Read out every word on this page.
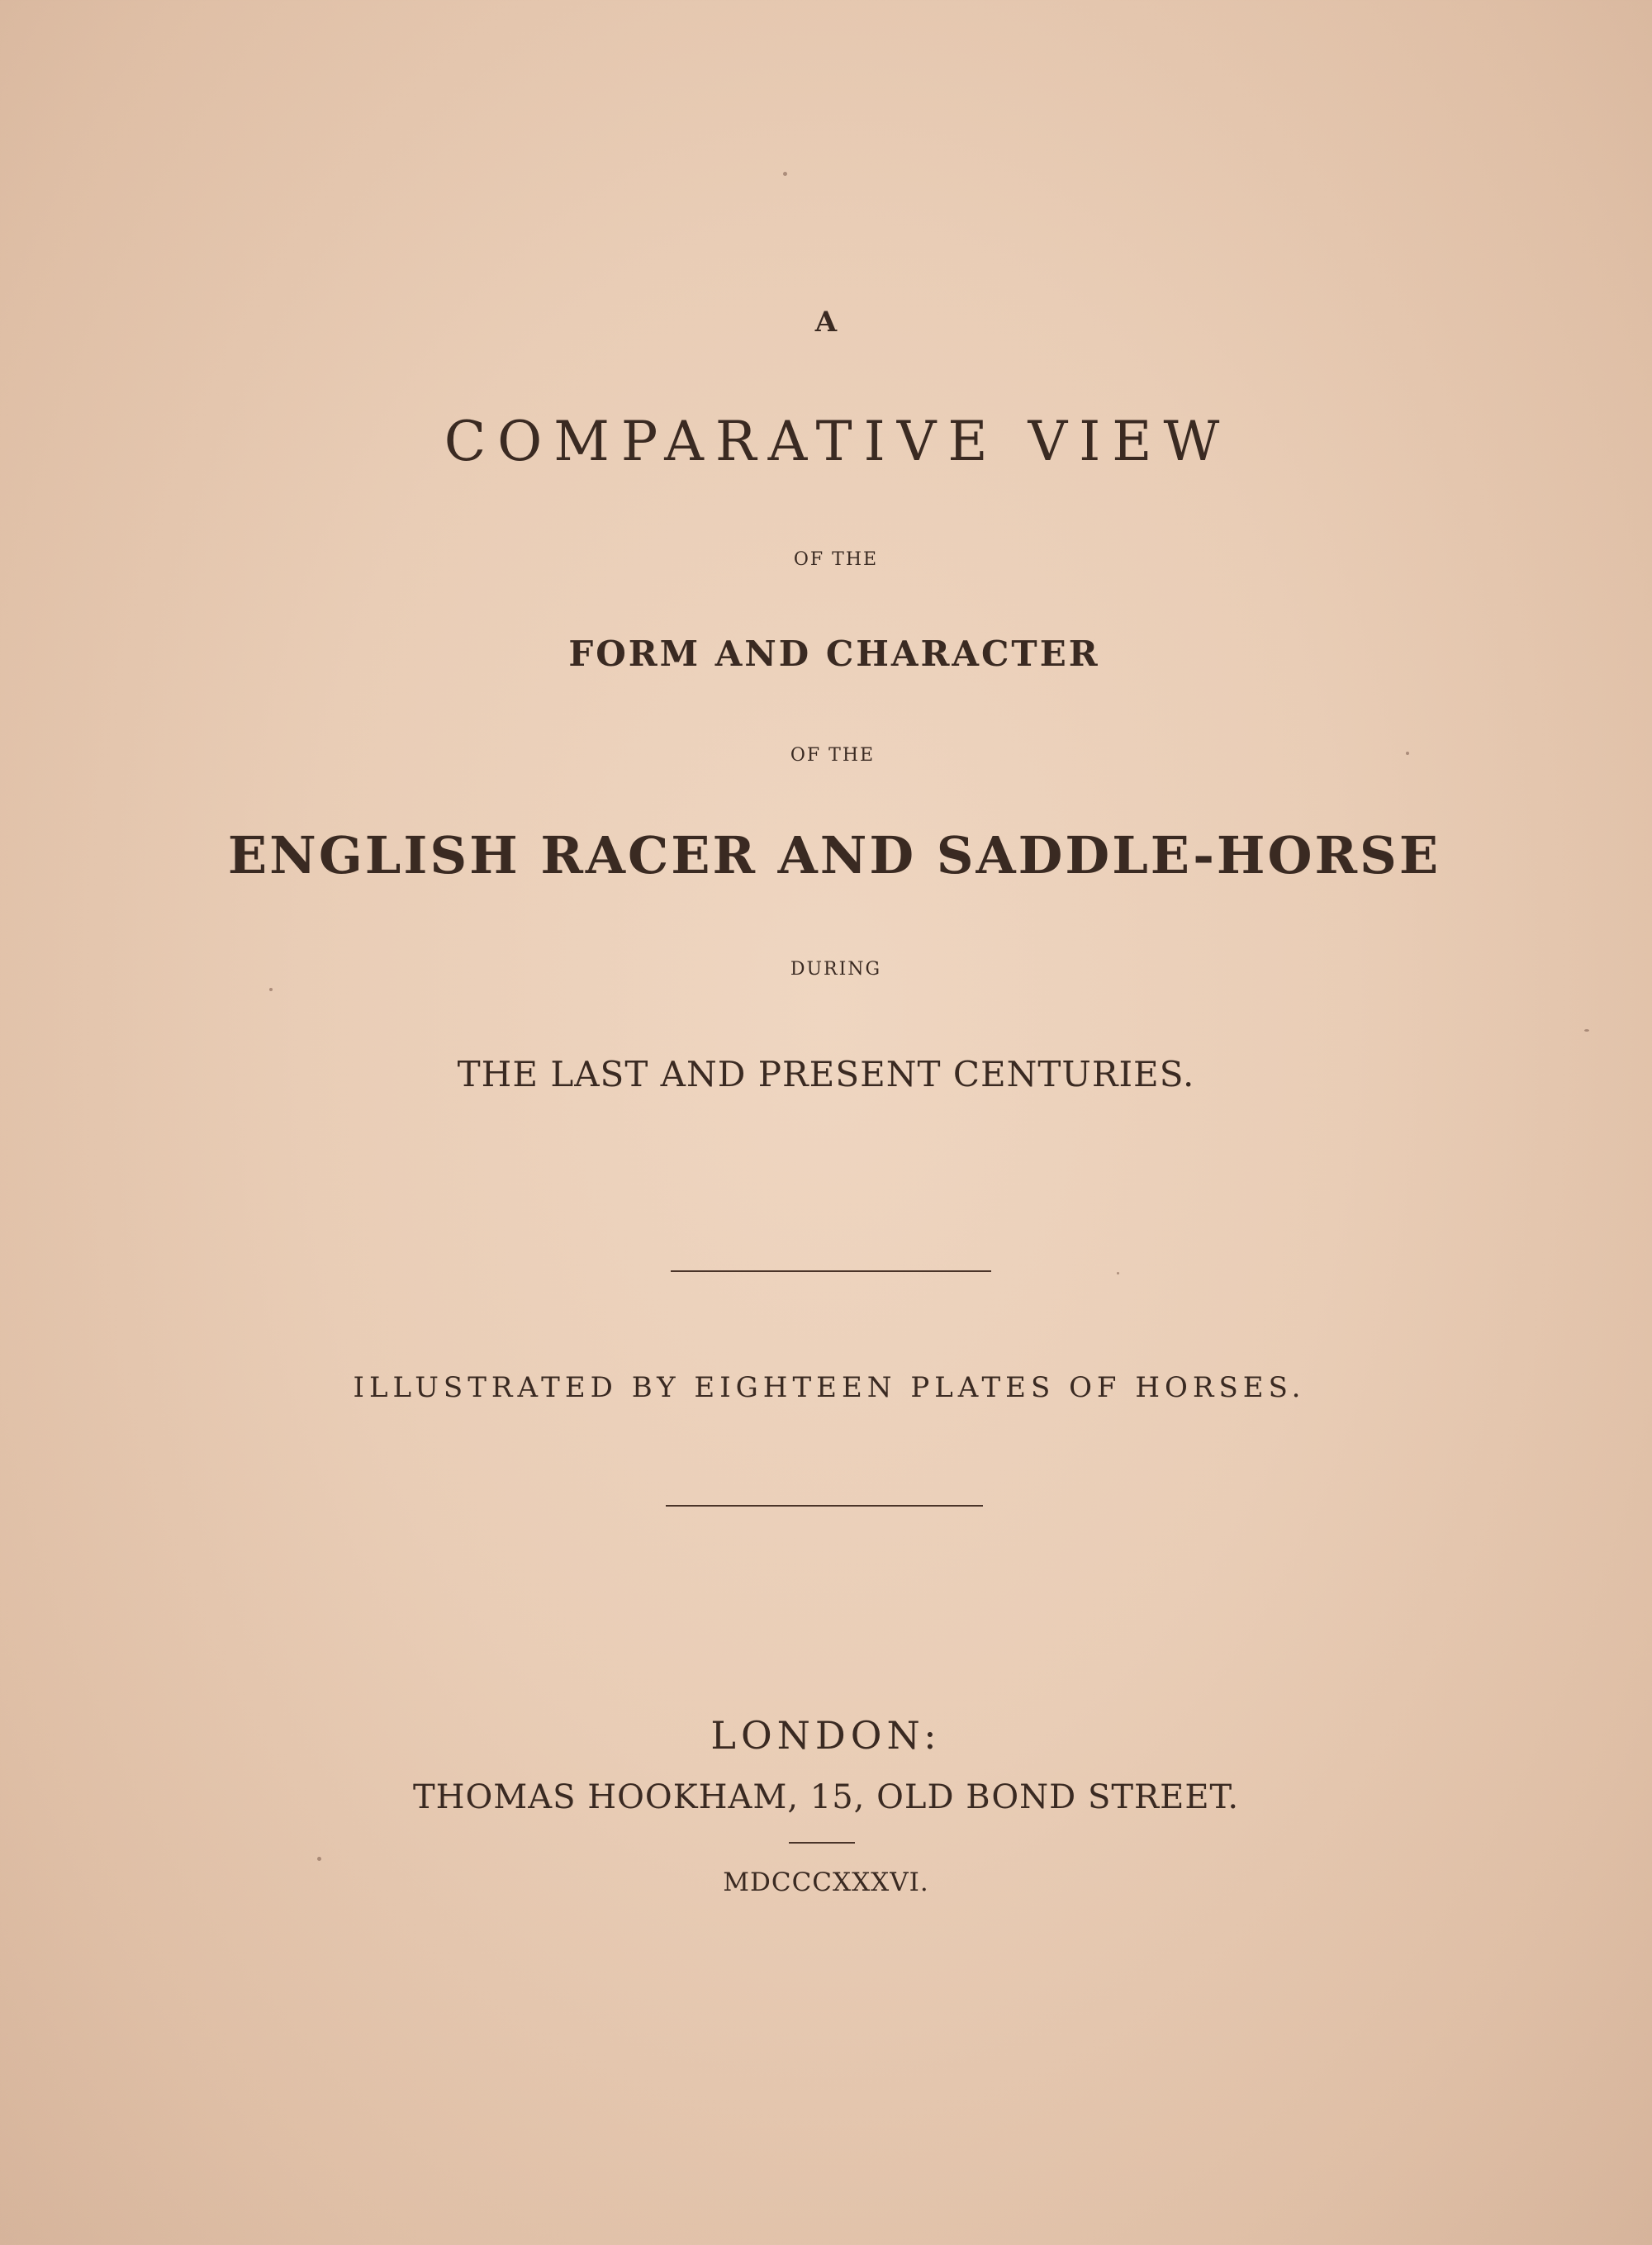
A
COMPARATIVE VIEW
OF THE
FORM AND CHARACTER
OF THE
ENGLISH RACER AND SADDLE-HORSE
DURING
THE LAST AND PRESENT CENTURIES.
ILLUSTRATED BY EIGHTEEN PLATES OF HORSES.
LONDON:
THOMAS HOOKHAM, 15, OLD BOND STREET.
MDCCCXXXVI.
